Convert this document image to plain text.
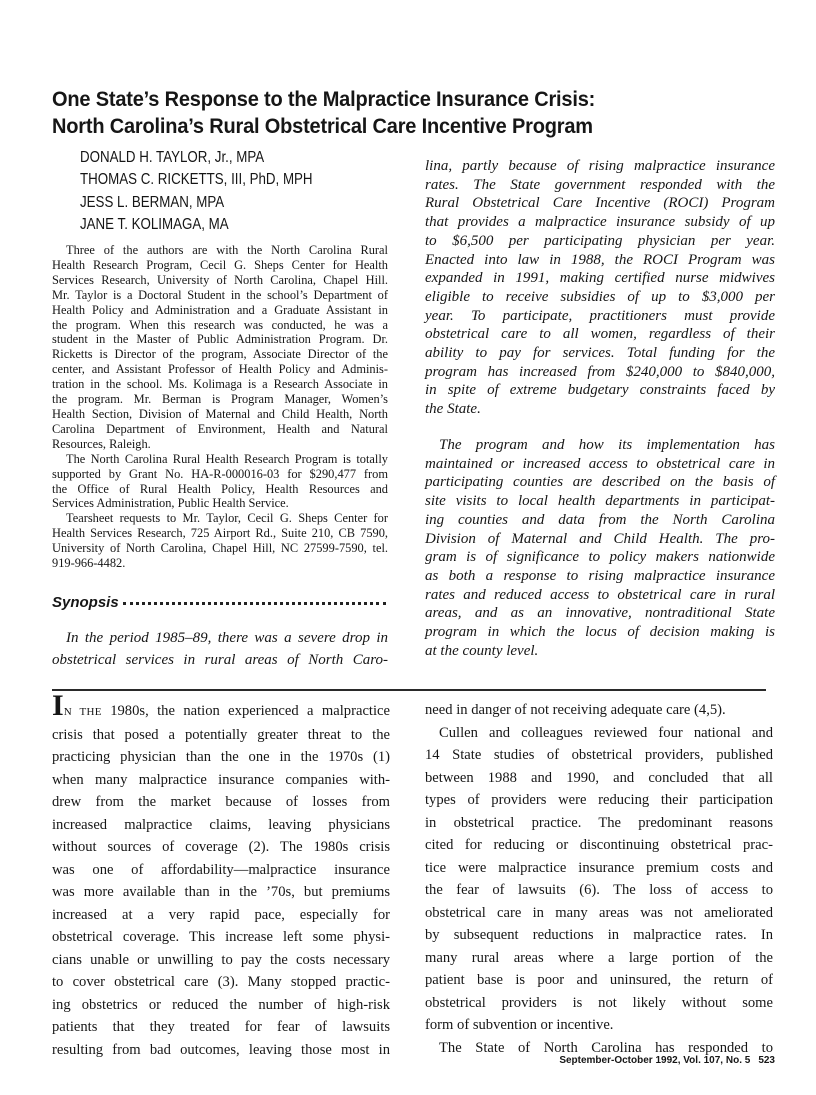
One State’s Response to the Malpractice Insurance Crisis:
North Carolina’s Rural Obstetrical Care Incentive Program
DONALD H. TAYLOR, Jr., MPA
THOMAS C. RICKETTS, III, PhD, MPH
JESS L. BERMAN, MPA
JANE T. KOLIMAGA, MA
Three of the authors are with the North Carolina Rural
Health Research Program, Cecil G. Sheps Center for Health
Services Research, University of North Carolina, Chapel Hill.
Mr. Taylor is a Doctoral Student in the school’s Department of
Health Policy and Administration and a Graduate Assistant in
the program. When this research was conducted, he was a
student in the Master of Public Administration Program. Dr.
Ricketts is Director of the program, Associate Director of the
center, and Assistant Professor of Health Policy and Adminis-
tration in the school. Ms. Kolimaga is a Research Associate in
the program. Mr. Berman is Program Manager, Women’s
Health Section, Division of Maternal and Child Health, North
Carolina Department of Environment, Health and Natural
Resources, Raleigh.
The North Carolina Rural Health Research Program is totally
supported by Grant No. HA-R-000016-03 for $290,477 from
the Office of Rural Health Policy, Health Resources and
Services Administration, Public Health Service.
Tearsheet requests to Mr. Taylor, Cecil G. Sheps Center for
Health Services Research, 725 Airport Rd., Suite 210, CB 7590,
University of North Carolina, Chapel Hill, NC 27599-7590, tel.
919-966-4482.
Synopsis
In the period 1985–89, there was a severe drop in
obstetrical services in rural areas of North Caro-
lina, partly because of rising malpractice insurance
rates. The State government responded with the
Rural Obstetrical Care Incentive (ROCI) Program
that provides a malpractice insurance subsidy of up
to $6,500 per participating physician per year.
Enacted into law in 1988, the ROCI Program was
expanded in 1991, making certified nurse midwives
eligible to receive subsidies of up to $3,000 per
year. To participate, practitioners must provide
obstetrical care to all women, regardless of their
ability to pay for services. Total funding for the
program has increased from $240,000 to $840,000,
in spite of extreme budgetary constraints faced by
the State.
The program and how its implementation has
maintained or increased access to obstetrical care in
participating counties are described on the basis of
site visits to local health departments in participat-
ing counties and data from the North Carolina
Division of Maternal and Child Health. The pro-
gram is of significance to policy makers nationwide
as both a response to rising malpractice insurance
rates and reduced access to obstetrical care in rural
areas, and as an innovative, nontraditional State
program in which the locus of decision making is
at the county level.
IN THE 1980s, the nation experienced a malpractice
crisis that posed a potentially greater threat to the
practicing physician than the one in the 1970s (1)
when many malpractice insurance companies with-
drew from the market because of losses from
increased malpractice claims, leaving physicians
without sources of coverage (2). The 1980s crisis
was one of affordability—malpractice insurance
was more available than in the ’70s, but premiums
increased at a very rapid pace, especially for
obstetrical coverage. This increase left some physi-
cians unable or unwilling to pay the costs necessary
to cover obstetrical care (3). Many stopped practic-
ing obstetrics or reduced the number of high-risk
patients that they treated for fear of lawsuits
resulting from bad outcomes, leaving those most in
need in danger of not receiving adequate care (4,5).
Cullen and colleagues reviewed four national and
14 State studies of obstetrical providers, published
between 1988 and 1990, and concluded that all
types of providers were reducing their participation
in obstetrical practice. The predominant reasons
cited for reducing or discontinuing obstetrical prac-
tice were malpractice insurance premium costs and
the fear of lawsuits (6). The loss of access to
obstetrical care in many areas was not ameliorated
by subsequent reductions in malpractice rates. In
many rural areas where a large portion of the
patient base is poor and uninsured, the return of
obstetrical providers is not likely without some
form of subvention or incentive.
The State of North Carolina has responded to
September-October 1992, Vol. 107, No. 5 523
